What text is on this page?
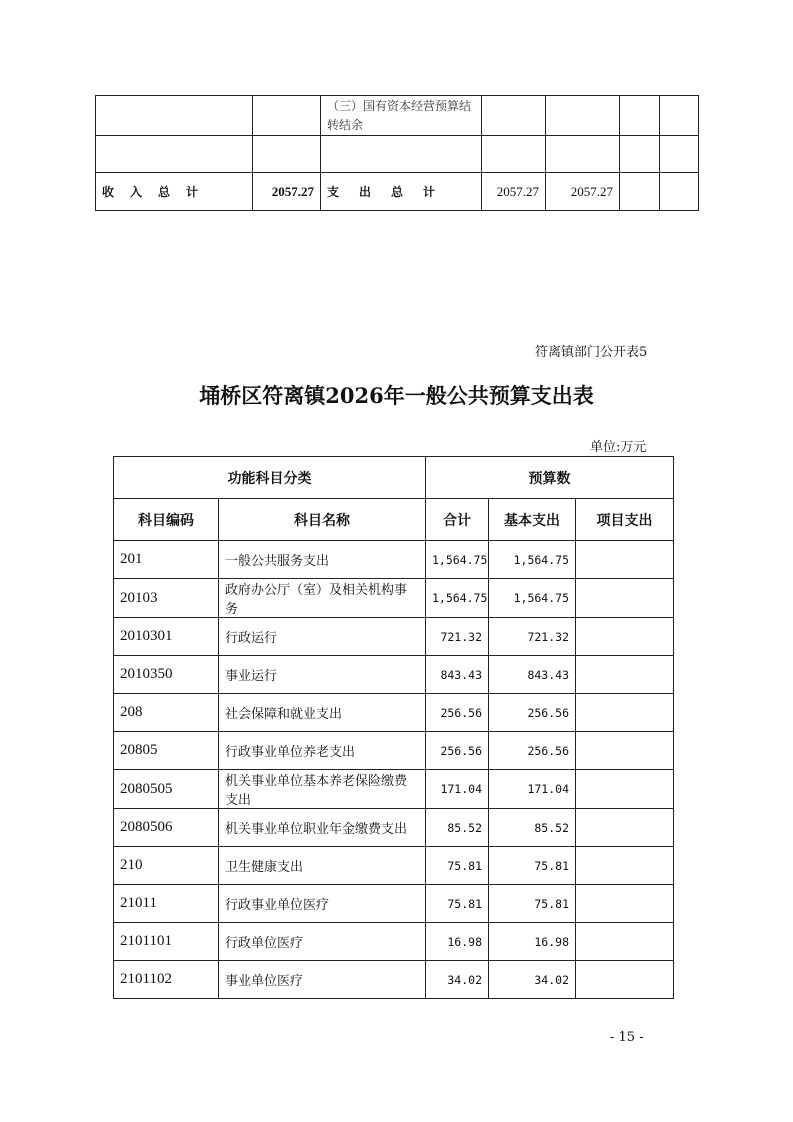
		（三）国有资本经营预算结转结余				

收　入　总　计	2057.27	支　出　总　计	2057.27	2057.27		
符离镇部门公开表5
埇桥区符离镇2026年一般公共预算支出表
单位:万元
功能科目分类		预算数		
科目编码	科目名称	合计	基本支出	项目支出
201	一般公共服务支出	1,564.75	1,564.75	
20103	政府办公厅（室）及相关机构事务	1,564.75	1,564.75	
2010301	行政运行	721.32	721.32	
2010350	事业运行	843.43	843.43	
208	社会保障和就业支出	256.56	256.56	
20805	行政事业单位养老支出	256.56	256.56	
2080505	机关事业单位基本养老保险缴费支出	171.04	171.04	
2080506	机关事业单位职业年金缴费支出	85.52	85.52	
210	卫生健康支出	75.81	75.81	
21011	行政事业单位医疗	75.81	75.81	
2101101	行政单位医疗	16.98	16.98	
2101102	事业单位医疗	34.02	34.02	
- 15 -
